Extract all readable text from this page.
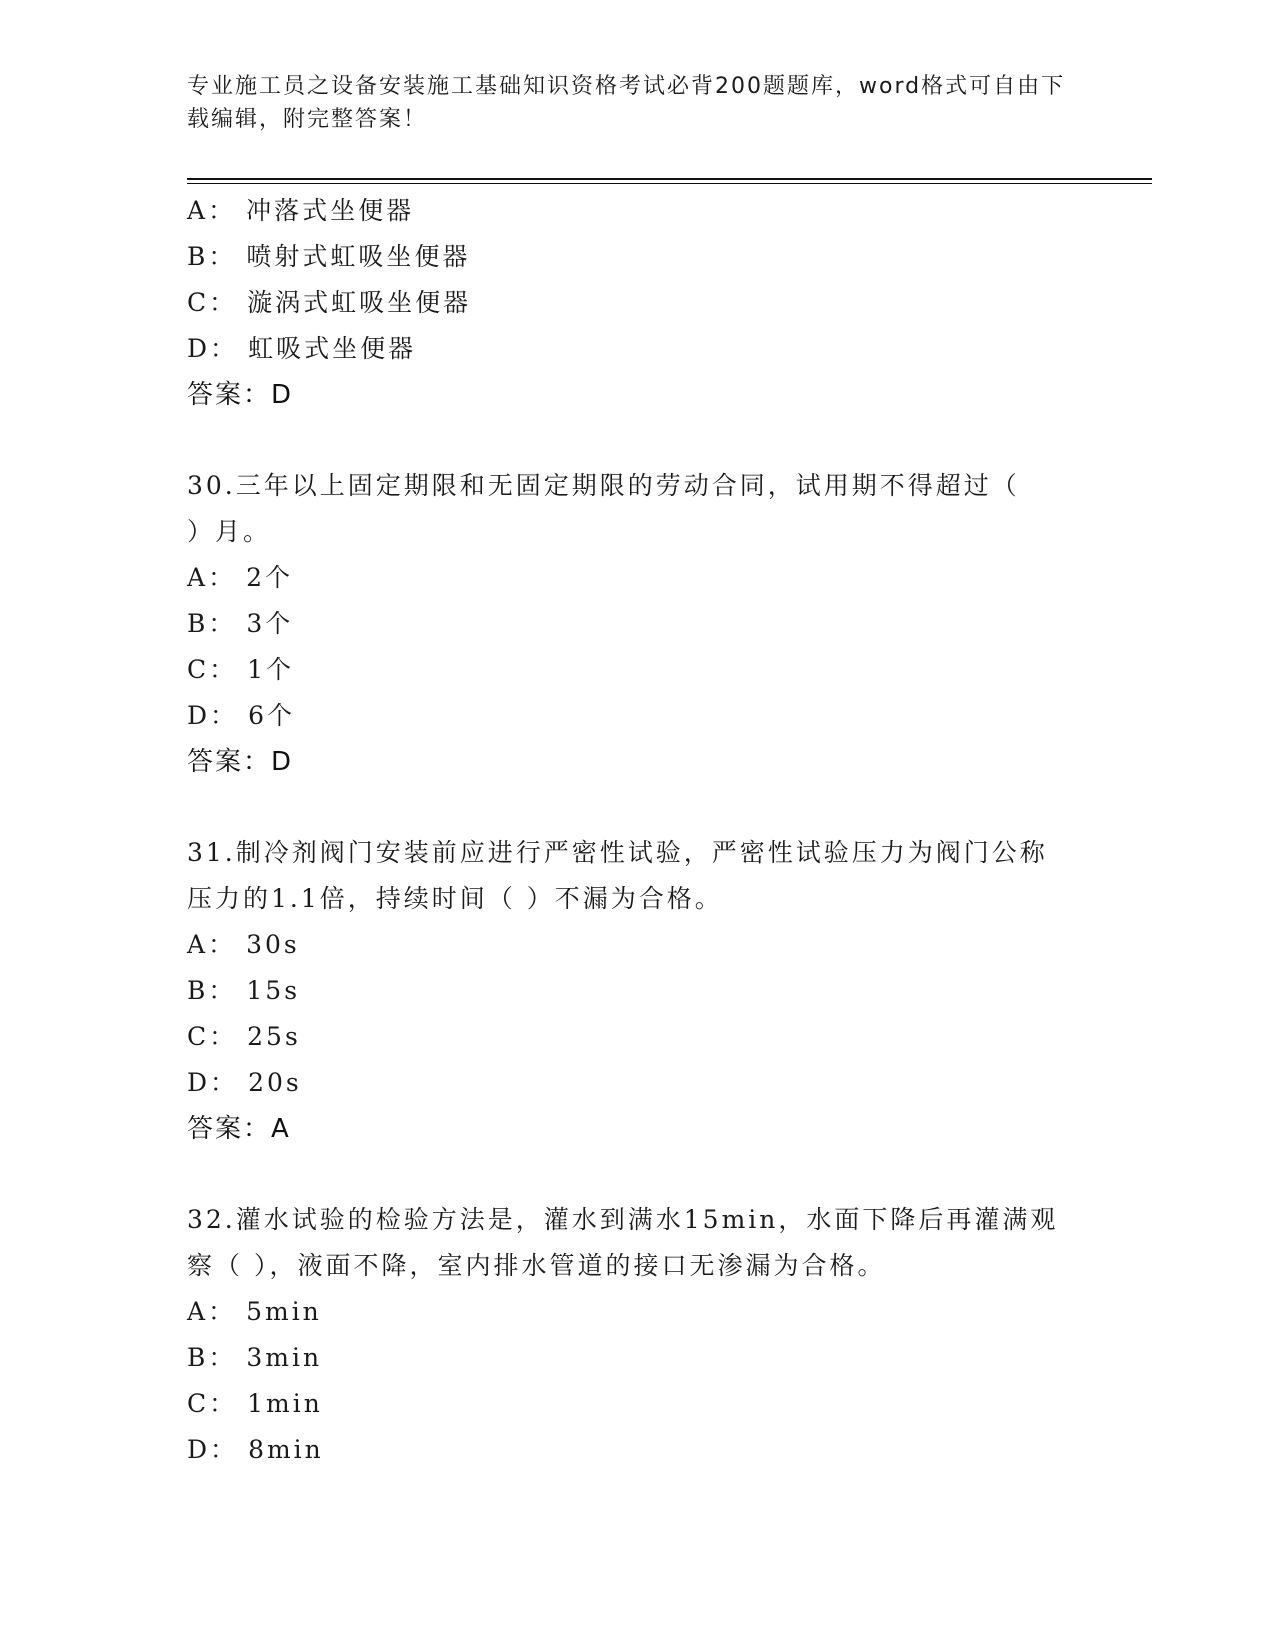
专业施工员之设备安装施工基础知识资格考试必背200题题库，word格式可自由下载编辑，附完整答案！
A ： 冲落式坐便器
B ： 喷射式虹吸坐便器
C ： 漩涡式虹吸坐便器
D ： 虹吸式坐便器
答案：D
30.三年以上固定期限和无固定期限的劳动合同，试用期不得超过（
）月。
A ： 2个
B ： 3个
C ： 1个
D ： 6个
答案：D
31.制冷剂阀门安装前应进行严密性试验，严密性试验压力为阀门公称
压力的1.1倍，持续时间（ ）不漏为合格。
A ： 30s
B ： 15s
C ： 25s
D ： 20s
答案：A
32.灌水试验的检验方法是，灌水到满水15min，水面下降后再灌满观
察（ ），液面不降，室内排水管道的接口无渗漏为合格。
A ： 5min
B ： 3min
C ： 1min
D ： 8min
